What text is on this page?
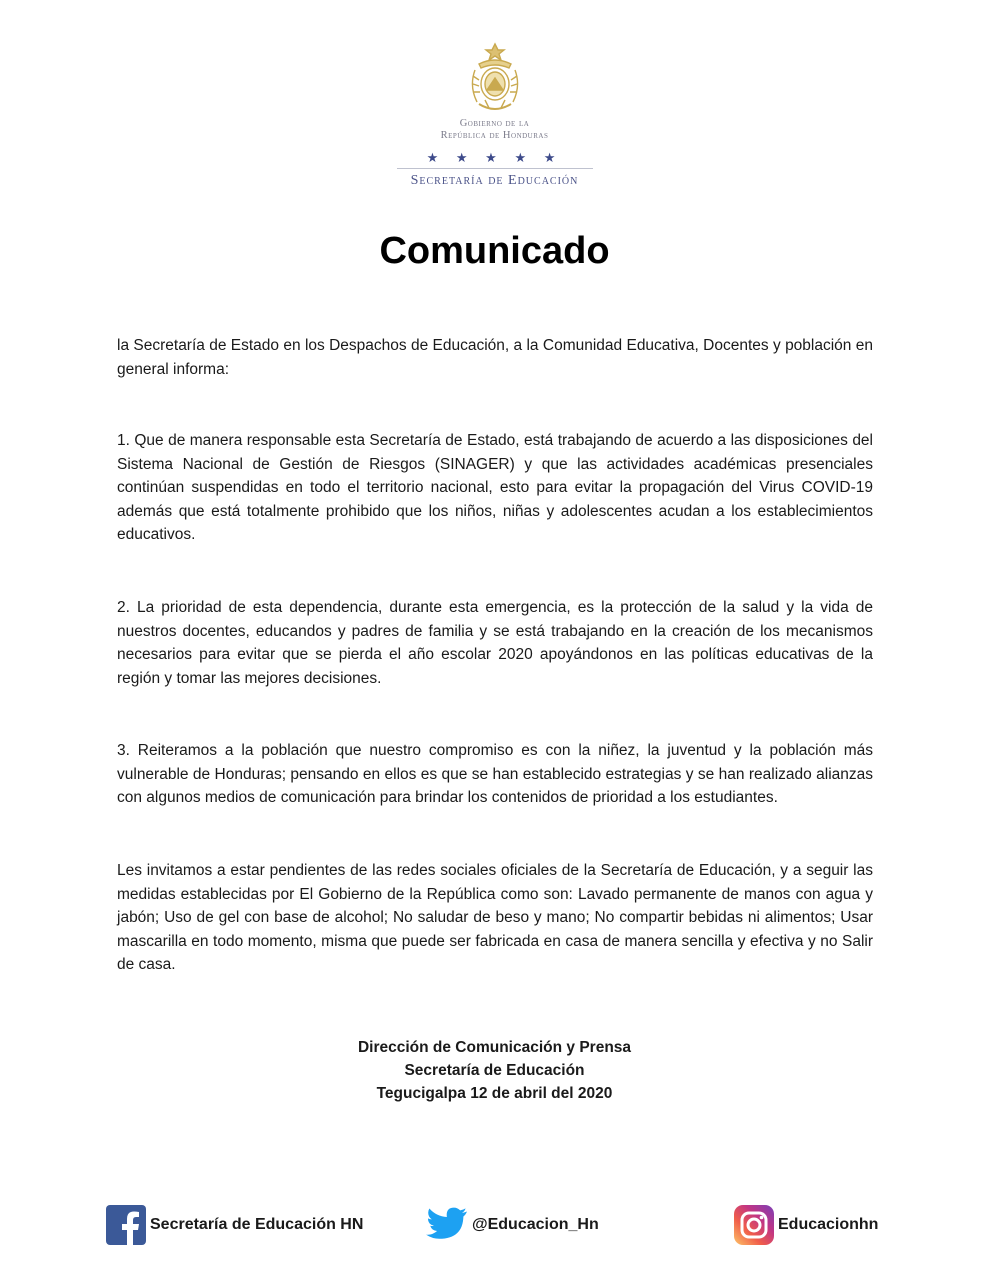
Gobierno de la
República de Honduras
★ ★ ★ ★ ★
Secretaría de Educación
Comunicado
la Secretaría de Estado en los Despachos de Educación, a la Comunidad Educativa, Docentes y población en general informa:
1. Que de manera responsable esta Secretaría de Estado, está trabajando de acuerdo a las disposiciones del Sistema Nacional de Gestión de Riesgos (SINAGER) y que las actividades académicas presenciales continúan suspendidas en todo el territorio nacional, esto para evitar la propagación del Virus COVID-19 además que está totalmente prohibido que los niños, niñas y adolescentes acudan a los establecimientos educativos.
2. La prioridad de esta dependencia, durante esta emergencia, es la protección de la salud y la vida de nuestros docentes, educandos y padres de familia y se está trabajando en la creación de los mecanismos necesarios para evitar que se pierda el año escolar 2020 apoyándonos en las políticas educativas de la región y tomar las mejores decisiones.
3. Reiteramos a la población que nuestro compromiso es con la niñez, la juventud y la población más vulnerable de Honduras; pensando en ellos es que se han establecido estrategias y se han realizado alianzas con algunos medios de comunicación para brindar los contenidos de prioridad a los estudiantes.
Les invitamos a estar pendientes de las redes sociales oficiales de la Secretaría de Educación, y a seguir las medidas establecidas por El Gobierno de la República como son: Lavado permanente de manos con agua y jabón; Uso de gel con base de alcohol; No saludar de beso y mano; No compartir bebidas ni alimentos; Usar mascarilla en todo momento, misma que puede ser fabricada en casa de manera sencilla y efectiva y no Salir de casa.
Dirección de Comunicación y Prensa
Secretaría de Educación
Tegucigalpa 12 de abril del 2020
Secretaría de Educación HN	@Educacion_Hn	Educacionhn
